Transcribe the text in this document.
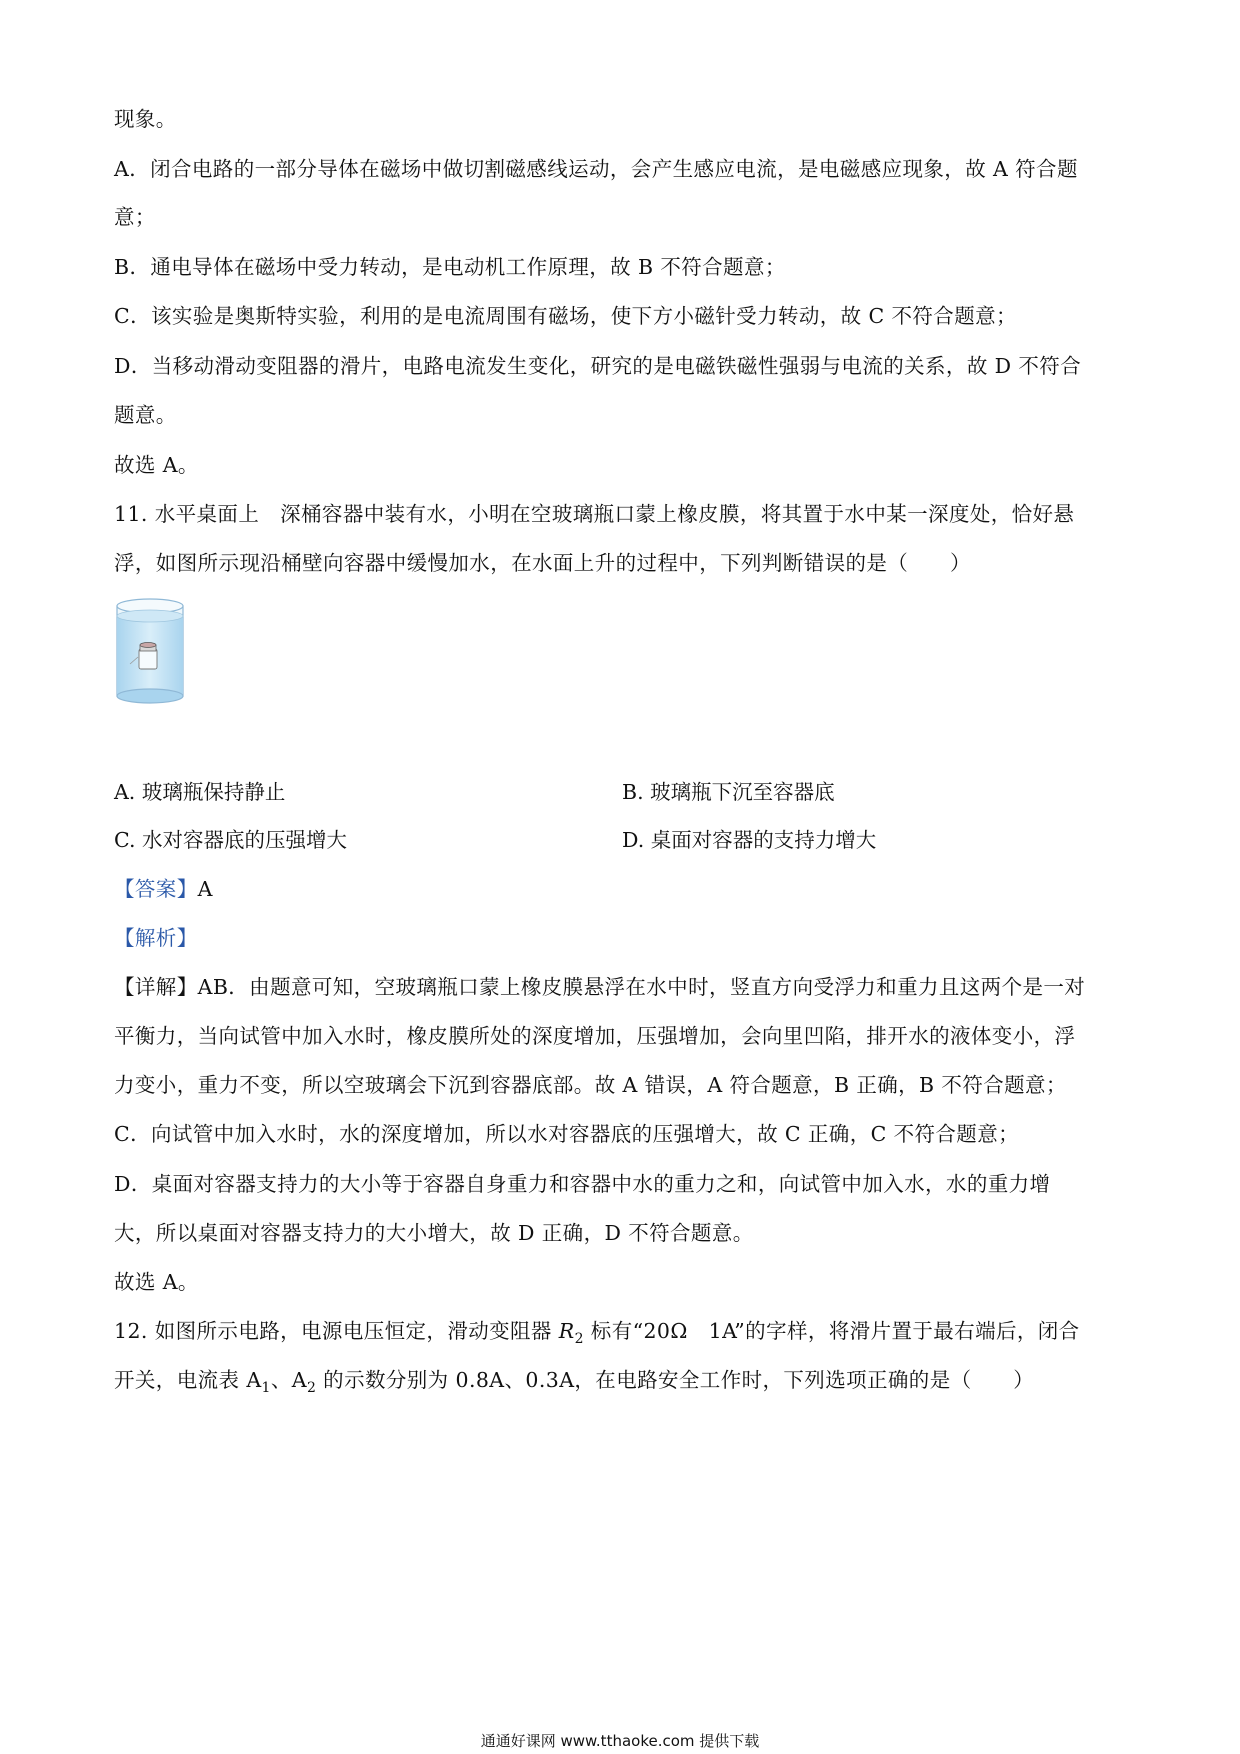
现象。
A．闭合电路的一部分导体在磁场中做切割磁感线运动，会产生感应电流，是电磁感应现象，故 A 符合题
意；
B．通电导体在磁场中受力转动，是电动机工作原理，故 B 不符合题意；
C．该实验是奥斯特实验，利用的是电流周围有磁场，使下方小磁针受力转动，故 C 不符合题意；
D．当移动滑动变阻器的滑片，电路电流发生变化，研究的是电磁铁磁性强弱与电流的关系，故 D 不符合
题意。
故选 A。
11. 水平桌面上　深桶容器中装有水，小明在空玻璃瓶口蒙上橡皮膜，将其置于水中某一深度处，恰好悬
浮，如图所示现沿桶壁向容器中缓慢加水，在水面上升的过程中，下列判断错误的是（　　）
A. 玻璃瓶保持静止	B. 玻璃瓶下沉至容器底
C. 水对容器底的压强增大	D. 桌面对容器的支持力增大
【答案】A
【解析】
【详解】AB．由题意可知，空玻璃瓶口蒙上橡皮膜悬浮在水中时，竖直方向受浮力和重力且这两个是一对
平衡力，当向试管中加入水时，橡皮膜所处的深度增加，压强增加，会向里凹陷，排开水的液体变小，浮
力变小，重力不变，所以空玻璃会下沉到容器底部。故 A 错误，A 符合题意，B 正确，B 不符合题意；
C．向试管中加入水时，水的深度增加，所以水对容器底的压强增大，故 C 正确，C 不符合题意；
D．桌面对容器支持力的大小等于容器自身重力和容器中水的重力之和，向试管中加入水，水的重力增
大，所以桌面对容器支持力的大小增大，故 D 正确，D 不符合题意。
故选 A。
12. 如图所示电路，电源电压恒定，滑动变阻器 $R_2$ 标有“20Ω　1A”的字样，将滑片置于最右端后，闭合
开关，电流表 $A_1$、$A_2$ 的示数分别为 0.8A、0.3A，在电路安全工作时，下列选项正确的是（　　）
通通好课网 www.tthaoke.com 提供下载
